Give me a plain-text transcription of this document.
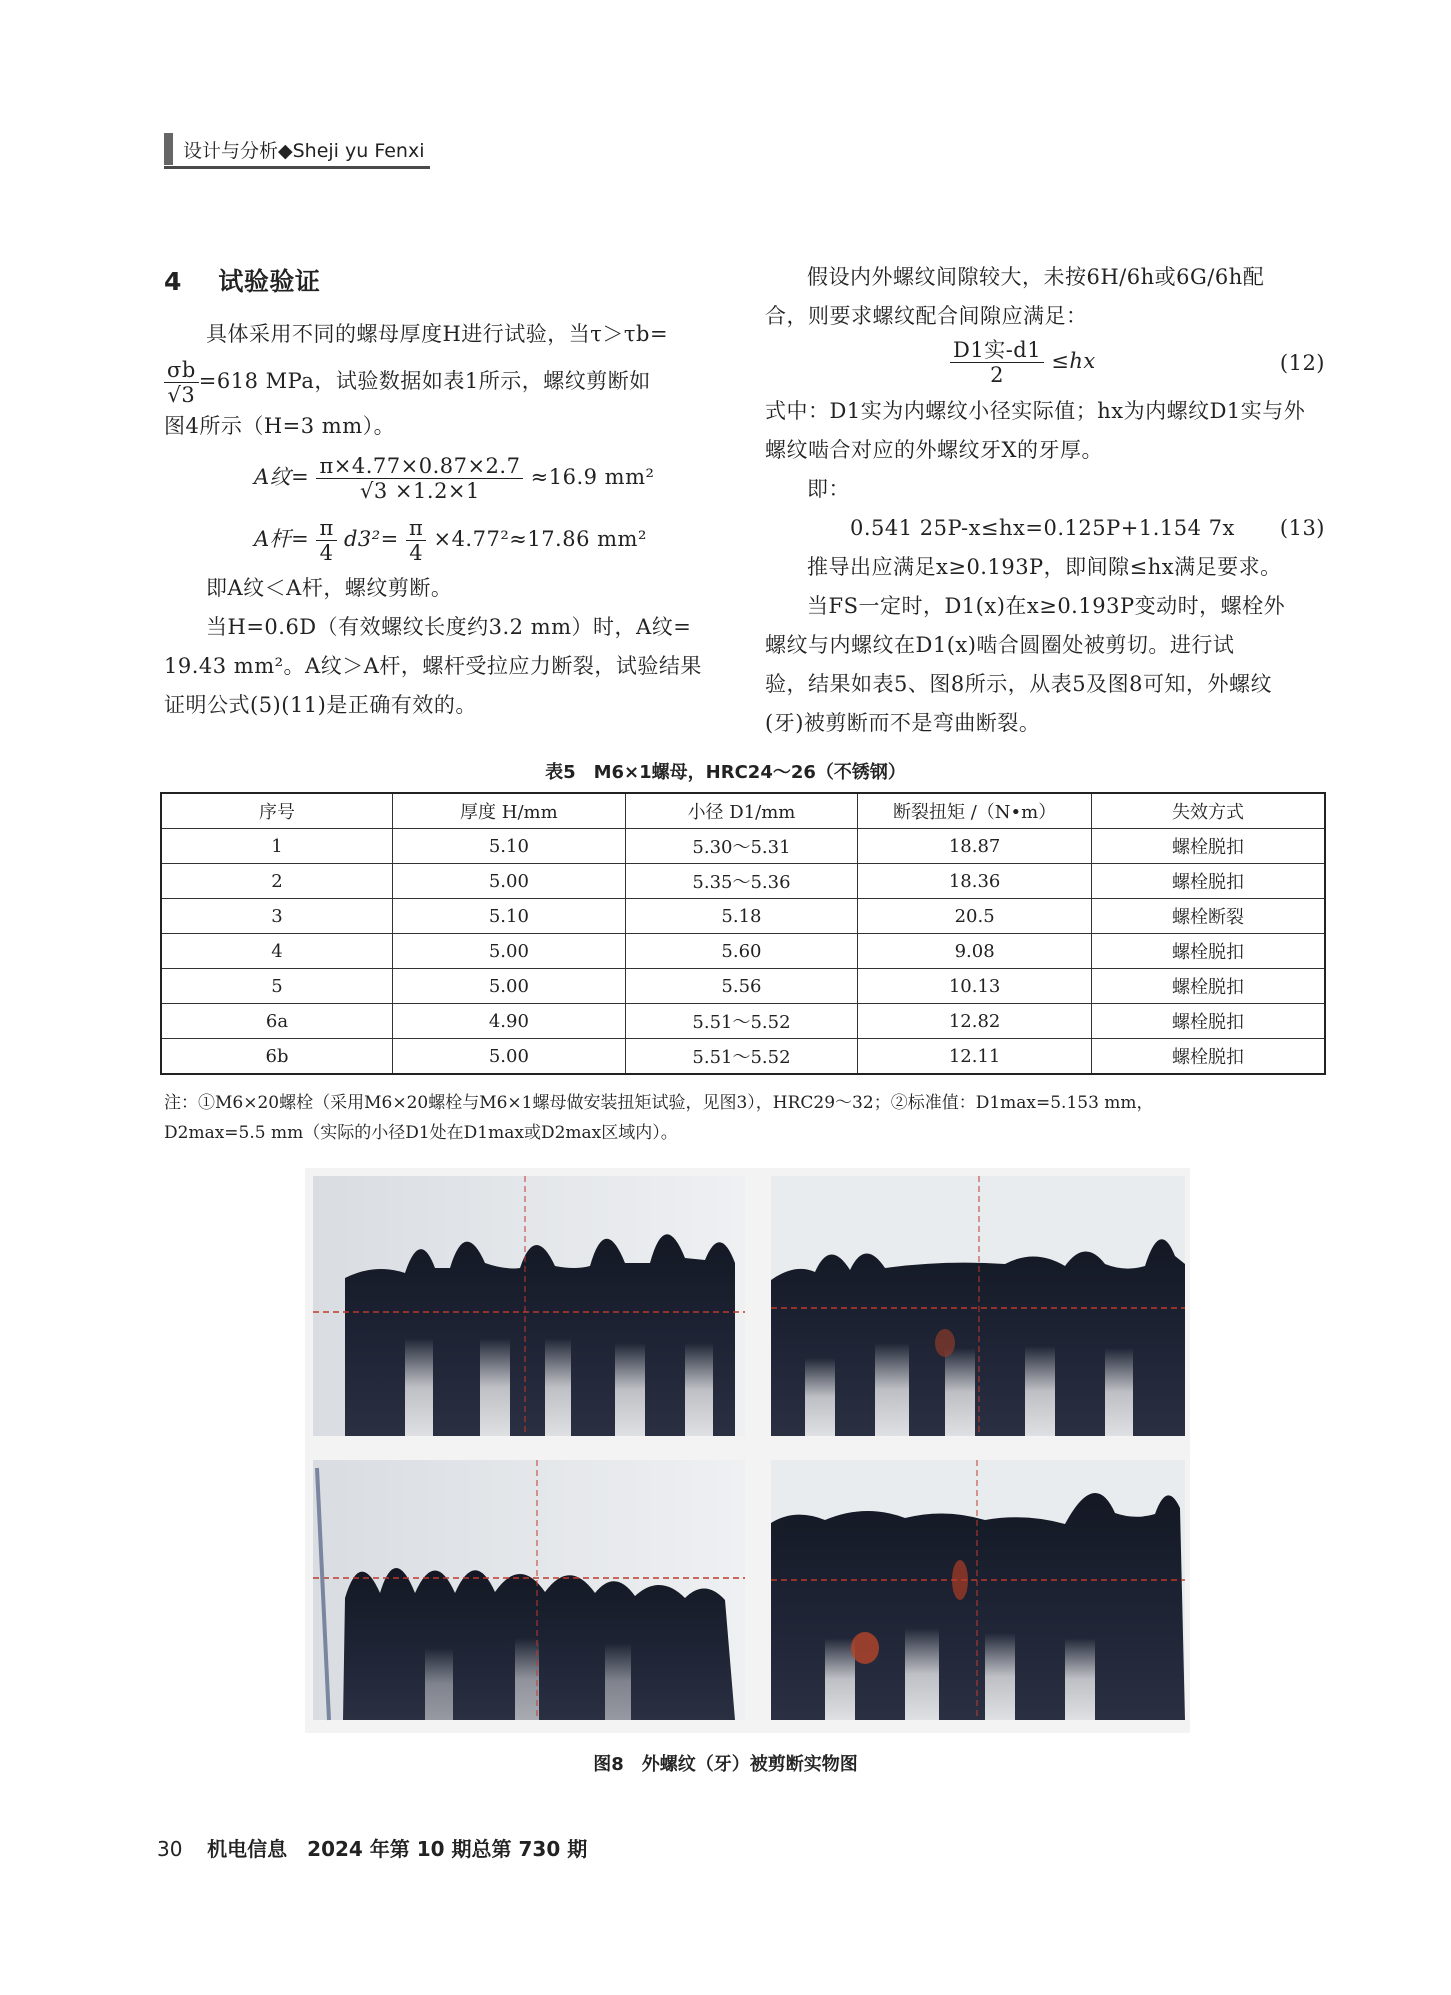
设计与分析◆Sheji yu Fenxi
4 试验验证

具体采用不同的螺母厚度H进行试验，当τ＞τb=

$\frac{\sigma b}{√3} =618$ MPa，试验数据如表1所示，螺纹剪断如

图4所示（H=3 mm）。

A纹= $\frac{\pi\times 4.77\times 0.87\times 2.7}{√3 \times 1.2\times 1} \approx 16.9$ mm²
A杆= $\frac{\pi}{4} d3^2= \frac{\pi}{4} \times 4.77^2\approx 17.86$ mm²

即A纹＜A杆，螺纹剪断。

当H=0.6D（有效螺纹长度约3.2 mm）时，A纹=

19.43 mm²。A纹＞A杆，螺杆受拉应力断裂，试验结果

证明公式(5)(11)是正确有效的。

假设内外螺纹间隙较大，未按6H/6h或6G/6h配

合，则要求螺纹配合间隙应满足：

$\frac{\text{D1实-d1}}{2} \le hx$	(12)

式中：D1实为内螺纹小径实际值；hx为内螺纹D1实与外

螺纹啮合对应的外螺纹牙X的牙厚。

即：

0.541 25P-x≤hx=0.125P+1.154 7x (13)

推导出应满足x≥0.193P，即间隙≤hx满足要求。

当FS一定时，D1(x)在x≥0.193P变动时，螺栓外

螺纹与内螺纹在D1(x)啮合圆圈处被剪切。进行试

验，结果如表5、图8所示，从表5及图8可知，外螺纹

(牙)被剪断而不是弯曲断裂。

表5　M6×1螺母，HRC24～26（不锈钢）
序号	厚度 H/mm	小径 D1/mm	断裂扭矩 /（N•m）	失效方式
1	5.10	5.30～5.31	18.87	螺栓脱扣
2	5.00	5.35～5.36	18.36	螺栓脱扣
3	5.10	5.18	20.5	螺栓断裂
4	5.00	5.60	9.08	螺栓脱扣
5	5.00	5.56	10.13	螺栓脱扣
6a	4.90	5.51～5.52	12.82	螺栓脱扣
6b	5.00	5.51～5.52	12.11	螺栓脱扣
注：①M6×20螺栓（采用M6×20螺栓与M6×1螺母做安装扭矩试验，见图3），HRC29～32；②标准值：D1max=5.153 mm，
D2max=5.5 mm（实际的小径D1处在D1max或D2max区域内）。
图8　外螺纹（牙）被剪断实物图
30 机电信息　2024 年第 10 期总第 730 期
